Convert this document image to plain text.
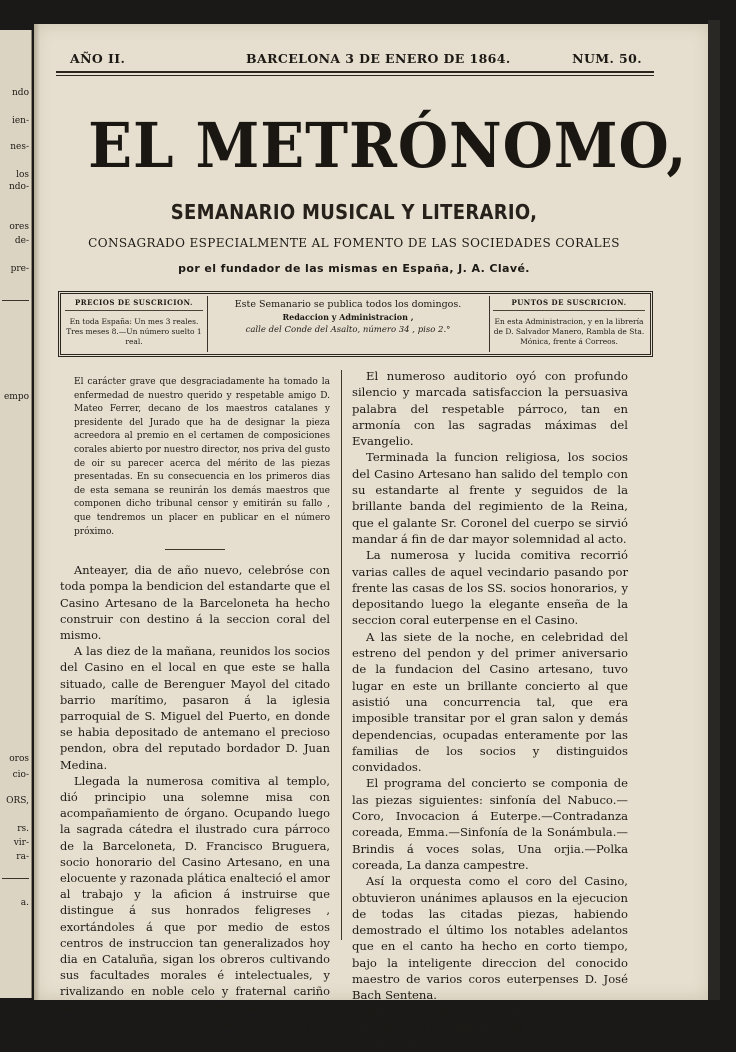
ndo
ien-
nes-
los
ndo-
ores
de-
pre-
empo
oros
cio-
ORS,
rs.
vir-
ra-
a.
AÑO II.	BARCELONA 3 DE ENERO DE 1864.	NUM. 50.
EL METRÓNOMO,
SEMANARIO MUSICAL Y LITERARIO,
CONSAGRADO ESPECIALMENTE AL FOMENTO DE LAS SOCIEDADES CORALES
por el fundador de las mismas en España, J. A. Clavé.
PRECIOS DE SUSCRICION.
En toda España: Un mes 3 reales. Tres meses 8.—Un número suelto 1 real.
Este Semanario se publica todos los domingos.
Redaccion y Administracion ,
calle del Conde del Asalto, número 34 , piso 2.°
PUNTOS DE SUSCRICION.
En esta Administracion, y en la librería de D. Salvador Manero, Rambla de Sta. Mónica, frente á Correos.
El carácter grave que desgraciadamente ha tomado la enfermedad de nuestro querido y respetable amigo D. Mateo Ferrer, decano de los maestros catalanes y presidente del Jurado que ha de designar la pieza acreedora al premio en el certamen de composiciones corales abierto por nuestro director, nos priva del gusto de oir su parecer acerca del mérito de las piezas presentadas. En su consecuencia en los primeros dias de esta semana se reunirán los demás maestros que componen dicho tribunal censor y emitirán su fallo , que tendremos un placer en publicar en el número próximo.

Anteayer, dia de año nuevo, celebróse con toda pompa la bendicion del estandarte que el Casino Artesano de la Barceloneta ha hecho construir con destino á la seccion coral del mismo.

A las diez de la mañana, reunidos los socios del Casino en el local en que este se halla situado, calle de Berenguer Mayol del citado barrio marítimo, pasaron á la iglesia parroquial de S. Miguel del Puerto, en donde se habia depositado de antemano el precioso pendon, obra del reputado bordador D. Juan Medina.

Llegada la numerosa comitiva al templo, dió principio una solemne misa con acompañamiento de órgano. Ocupando luego la sagrada cátedra el ilustrado cura párroco de la Barceloneta, D. Francisco Bruguera, socio honorario del Casino Artesano, en una elocuente y razonada plática enalteció el amor al trabajo y la aficion á instruirse que distingue á sus honrados feligreses , exortándoles á que por medio de estos centros de instruccion tan generalizados hoy dia en Cataluña, sigan los obreros cultivando sus facultades morales é intelectuales, y rivalizando en noble celo y fraternal cariño para apartar á la inesperta juventud de la fatal senda del vicio á que encaminan el ocio y la ignorancia.

El numeroso auditorio oyó con profundo silencio y marcada satisfaccion la persuasiva palabra del respetable párroco, tan en armonía con las sagradas máximas del Evangelio.

Terminada la funcion religiosa, los socios del Casino Artesano han salido del templo con su estandarte al frente y seguidos de la brillante banda del regimiento de la Reina, que el galante Sr. Coronel del cuerpo se sirvió mandar á fin de dar mayor solemnidad al acto.

La numerosa y lucida comitiva recorrió varias calles de aquel vecindario pasando por frente las casas de los SS. socios honorarios, y depositando luego la elegante enseña de la seccion coral euterpense en el Casino.

A las siete de la noche, en celebridad del estreno del pendon y del primer aniversario de la fundacion del Casino artesano, tuvo lugar en este un brillante concierto al que asistió una concurrencia tal, que era imposible transitar por el gran salon y demás dependencias, ocupadas enteramente por las familias de los socios y distinguidos convidados.

El programa del concierto se componia de las piezas siguientes: sinfonía del Nabuco.—Coro, Invocacion á Euterpe.—Contradanza coreada, Emma.—Sinfonía de la Sonámbula.—Brindis á voces solas, Una orjia.—Polka coreada, La danza campestre.

Así la orquesta como el coro del Casino, obtuvieron unánimes aplausos en la ejecucion de todas las citadas piezas, habiendo demostrado el último los notables adelantos que en el canto ha hecho en corto tiempo, bajo la inteligente direccion del conocido maestro de varios coros euterpenses D. José Bach Sentena.

Varias de las espresadas piezas fueron dirgidas personalmente por el Sr. Clavé, tomando parte en la
